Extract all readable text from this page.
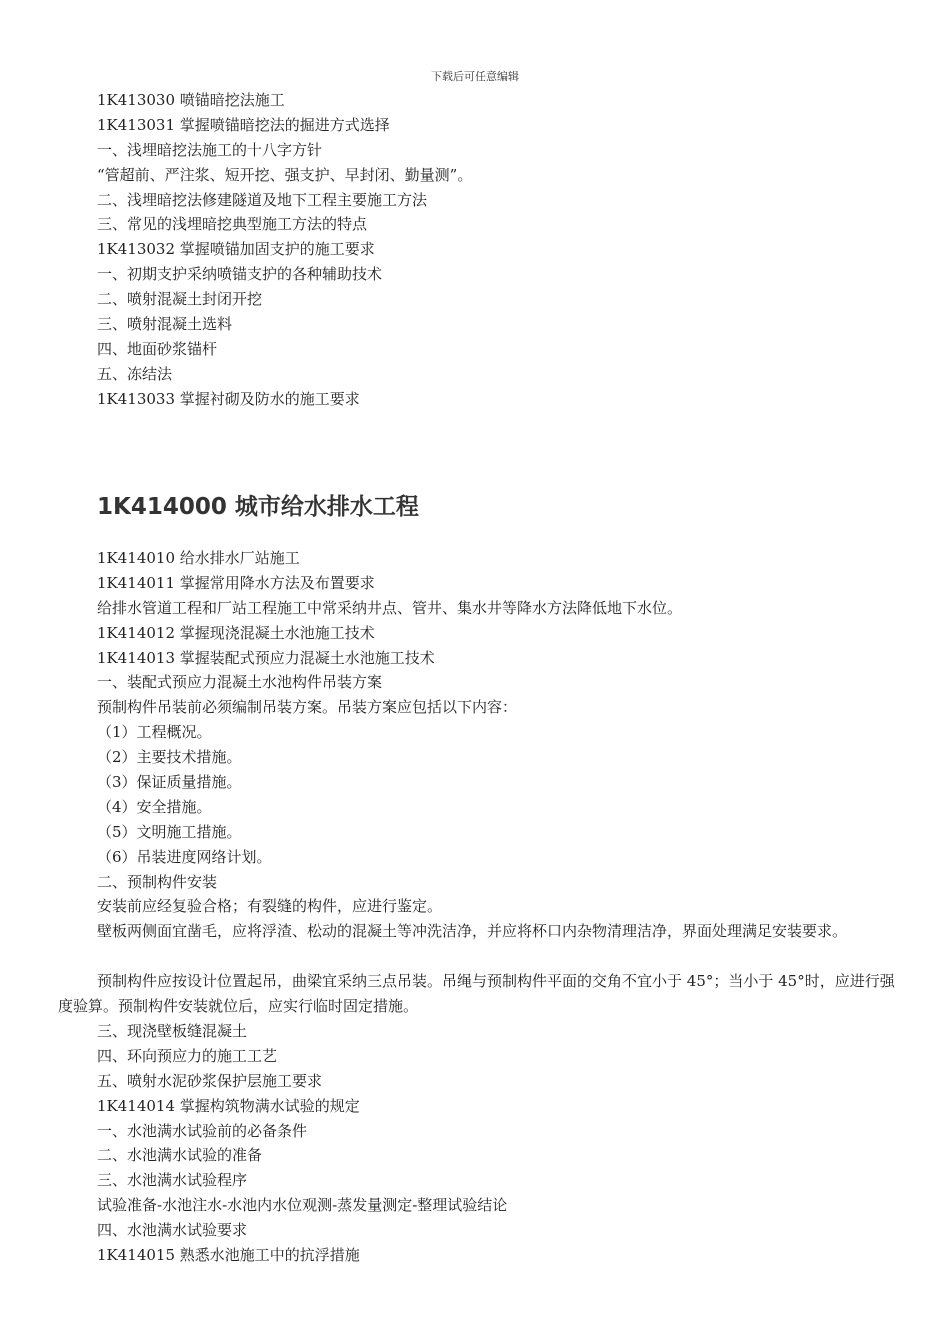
下载后可任意编辑
1K413030 喷锚暗挖法施工
1K413031 掌握喷锚暗挖法的掘进方式选择
一、浅埋暗挖法施工的十八字方针
“管超前、严注浆、短开挖、强支护、早封闭、勤量测”。
二、浅埋暗挖法修建隧道及地下工程主要施工方法
三、常见的浅埋暗挖典型施工方法的特点
1K413032 掌握喷锚加固支护的施工要求
一、初期支护采纳喷锚支护的各种辅助技术
二、喷射混凝土封闭开挖
三、喷射混凝土选料
四、地面砂浆锚杆
五、冻结法
1K413033 掌握衬砌及防水的施工要求
1K414000 城市给水排水工程
1K414010 给水排水厂站施工
1K414011 掌握常用降水方法及布置要求
给排水管道工程和厂站工程施工中常采纳井点、管井、集水井等降水方法降低地下水位。
1K414012 掌握现浇混凝土水池施工技术
1K414013 掌握装配式预应力混凝土水池施工技术
一、装配式预应力混凝土水池构件吊装方案
预制构件吊装前必须编制吊装方案。吊装方案应包括以下内容：
（1）工程概况。
（2）主要技术措施。
（3）保证质量措施。
（4）安全措施。
（5）文明施工措施。
（6）吊装进度网络计划。
二、预制构件安装
安装前应经复验合格；有裂缝的构件，应进行鉴定。
壁板两侧面宜凿毛，应将浮渣、松动的混凝土等冲洗洁净，并应将杯口内杂物清理洁净，界面处理满足安装要求。
预制构件应按设计位置起吊，曲梁宜采纳三点吊装。吊绳与预制构件平面的交角不宜小于 45°；当小于 45°时，应进行强度验算。预制构件安装就位后，应实行临时固定措施。
三、现浇壁板缝混凝土
四、环向预应力的施工工艺
五、喷射水泥砂浆保护层施工要求
1K414014 掌握构筑物满水试验的规定
一、水池满水试验前的必备条件
二、水池满水试验的准备
三、水池满水试验程序
试验准备-水池注水-水池内水位观测-蒸发量测定-整理试验结论
四、水池满水试验要求
1K414015 熟悉水池施工中的抗浮措施
